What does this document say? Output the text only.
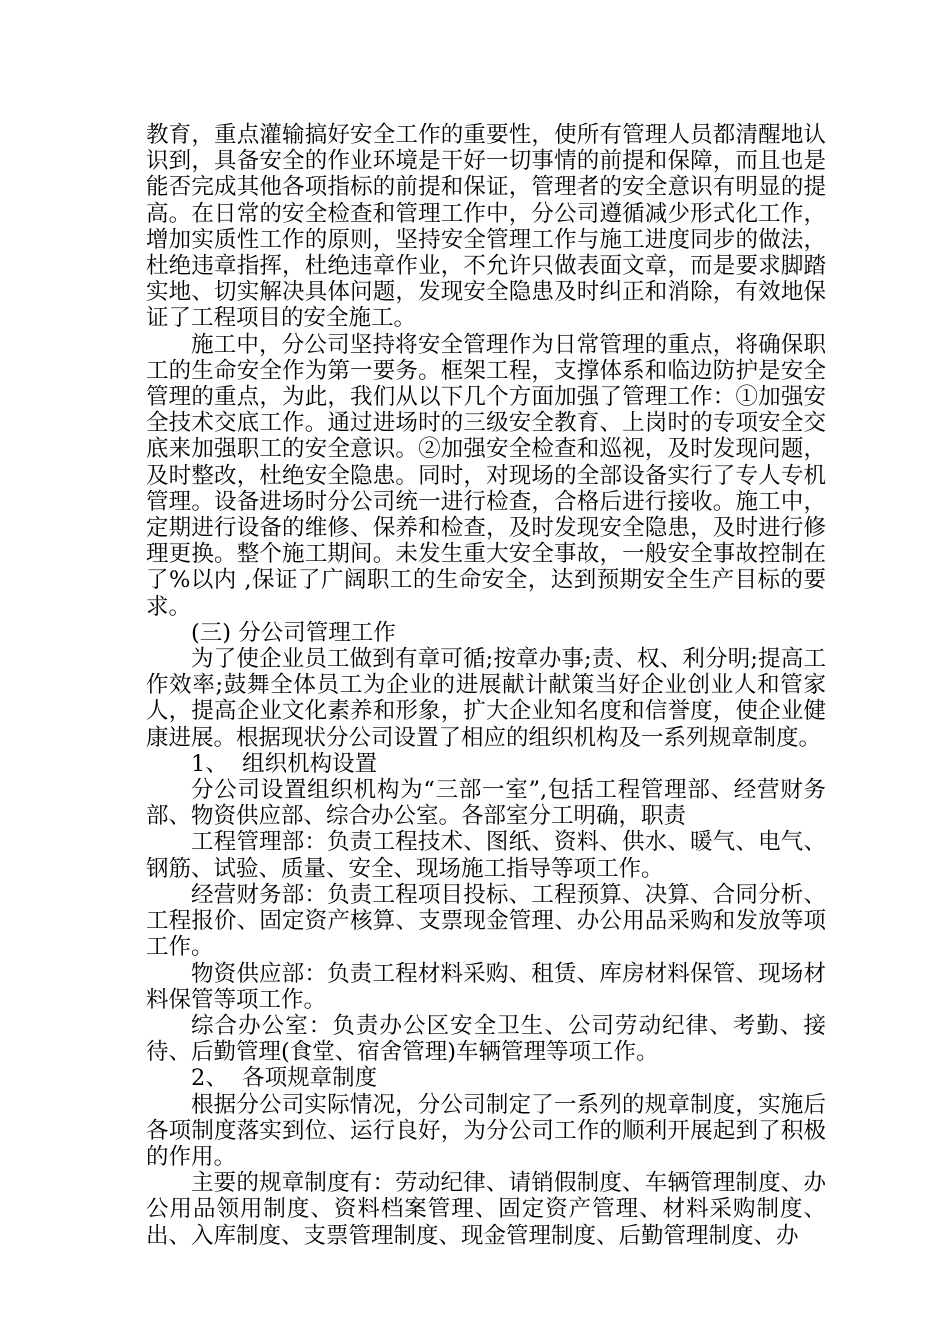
教育，重点灌输搞好安全工作的重要性，使所有管理人员都清醒地认识到，具备安全的作业环境是干好一切事情的前提和保障，而且也是能否完成其他各项指标的前提和保证，管理者的安全意识有明显的提高。在日常的安全检查和管理工作中，分公司遵循减少形式化工作，增加实质性工作的原则，坚持安全管理工作与施工进度同步的做法，杜绝违章指挥，杜绝违章作业，不允许只做表面文章，而是要求脚踏实地、切实解决具体问题，发现安全隐患及时纠正和消除，有效地保证了工程项目的安全施工。

施工中，分公司坚持将安全管理作为日常管理的重点，将确保职工的生命安全作为第一要务。框架工程，支撑体系和临边防护是安全管理的重点，为此，我们从以下几个方面加强了管理工作：①加强安全技术交底工作。通过进场时的三级安全教育、上岗时的专项安全交底来加强职工的安全意识。②加强安全检查和巡视，及时发现问题，及时整改，杜绝安全隐患。同时，对现场的全部设备实行了专人专机管理。设备进场时分公司统一进行检查，合格后进行接收。施工中，定期进行设备的维修、保养和检查，及时发现安全隐患，及时进行修理更换。整个施工期间。未发生重大安全事故，一般安全事故控制在了%以内 ,保证了广阔职工的生命安全，达到预期安全生产目标的要求。

(三) 分公司管理工作

为了使企业员工做到有章可循;按章办事;责、权、利分明;提高工作效率;鼓舞全体员工为企业的进展献计献策当好企业创业人和管家人，提高企业文化素养和形象，扩大企业知名度和信誉度，使企业健康进展。根据现状分公司设置了相应的组织机构及一系列规章制度。

1、  组织机构设置

分公司设置组织机构为“三部一室”,包括工程管理部、经营财务部、物资供应部、综合办公室。各部室分工明确，职责

工程管理部：负责工程技术、图纸、资料、供水、暖气、电气、钢筋、试验、质量、安全、现场施工指导等项工作。

经营财务部：负责工程项目投标、工程预算、决算、合同分析、工程报价、固定资产核算、支票现金管理、办公用品采购和发放等项工作。

物资供应部：负责工程材料采购、租赁、库房材料保管、现场材料保管等项工作。

综合办公室：负责办公区安全卫生、公司劳动纪律、考勤、接待、后勤管理(食堂、宿舍管理)车辆管理等项工作。

2、  各项规章制度

根据分公司实际情况，分公司制定了一系列的规章制度，实施后各项制度落实到位、运行良好，为分公司工作的顺利开展起到了积极的作用。

主要的规章制度有：劳动纪律、请销假制度、车辆管理制度、办公用品领用制度、资料档案管理、固定资产管理、材料采购制度、出、入库制度、支票管理制度、现金管理制度、后勤管理制度、办
